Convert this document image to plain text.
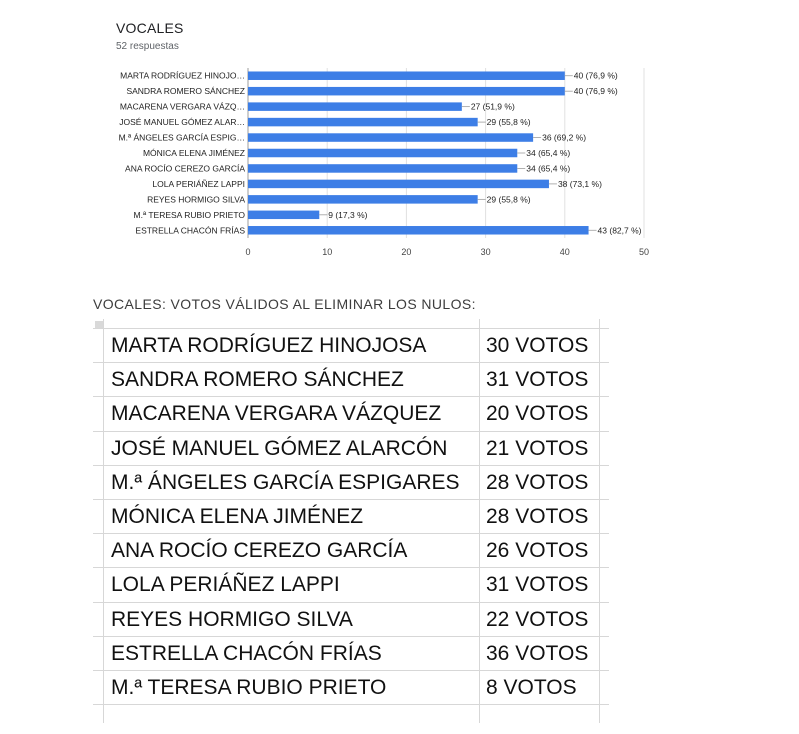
VOCALES
52 respuestas
0	10	20	30	40	50
MARTA RODRÍGUEZ HINOJO…	40 (76,9 %)
SANDRA ROMERO SÁNCHEZ	40 (76,9 %)
MACARENA VERGARA VÁZQ…	27 (51,9 %)
JOSÉ MANUEL GÓMEZ ALAR…	29 (55,8 %)
M.ª ÁNGELES GARCÍA ESPIG…	36 (69,2 %)
MÓNICA ELENA JIMÉNEZ	34 (65,4 %)
ANA ROCÍO CEREZO GARCÍA	34 (65,4 %)
LOLA PERIÁÑEZ LAPPI	38 (73,1 %)
REYES HORMIGO SILVA	29 (55,8 %)
M.ª TERESA RUBIO PRIETO	9 (17,3 %)
ESTRELLA CHACÓN FRÍAS	43 (82,7 %)
VOCALES: VOTOS VÁLIDOS AL ELIMINAR LOS NULOS:
MARTA RODRÍGUEZ HINOJOSA	30 VOTOS
SANDRA ROMERO SÁNCHEZ	31 VOTOS
MACARENA VERGARA VÁZQUEZ 20 VOTOS
JOSÉ MANUEL GÓMEZ ALARCÓN 21 VOTOS
M.ª ÁNGELES GARCÍA ESPIGARES 28 VOTOS
MÓNICA ELENA JIMÉNEZ	28 VOTOS
ANA ROCÍO CEREZO GARCÍA	26 VOTOS
LOLA PERIÁÑEZ LAPPI	31 VOTOS
REYES HORMIGO SILVA	22 VOTOS
ESTRELLA CHACÓN FRÍAS	36 VOTOS
M.ª TERESA RUBIO PRIETO	8 VOTOS
